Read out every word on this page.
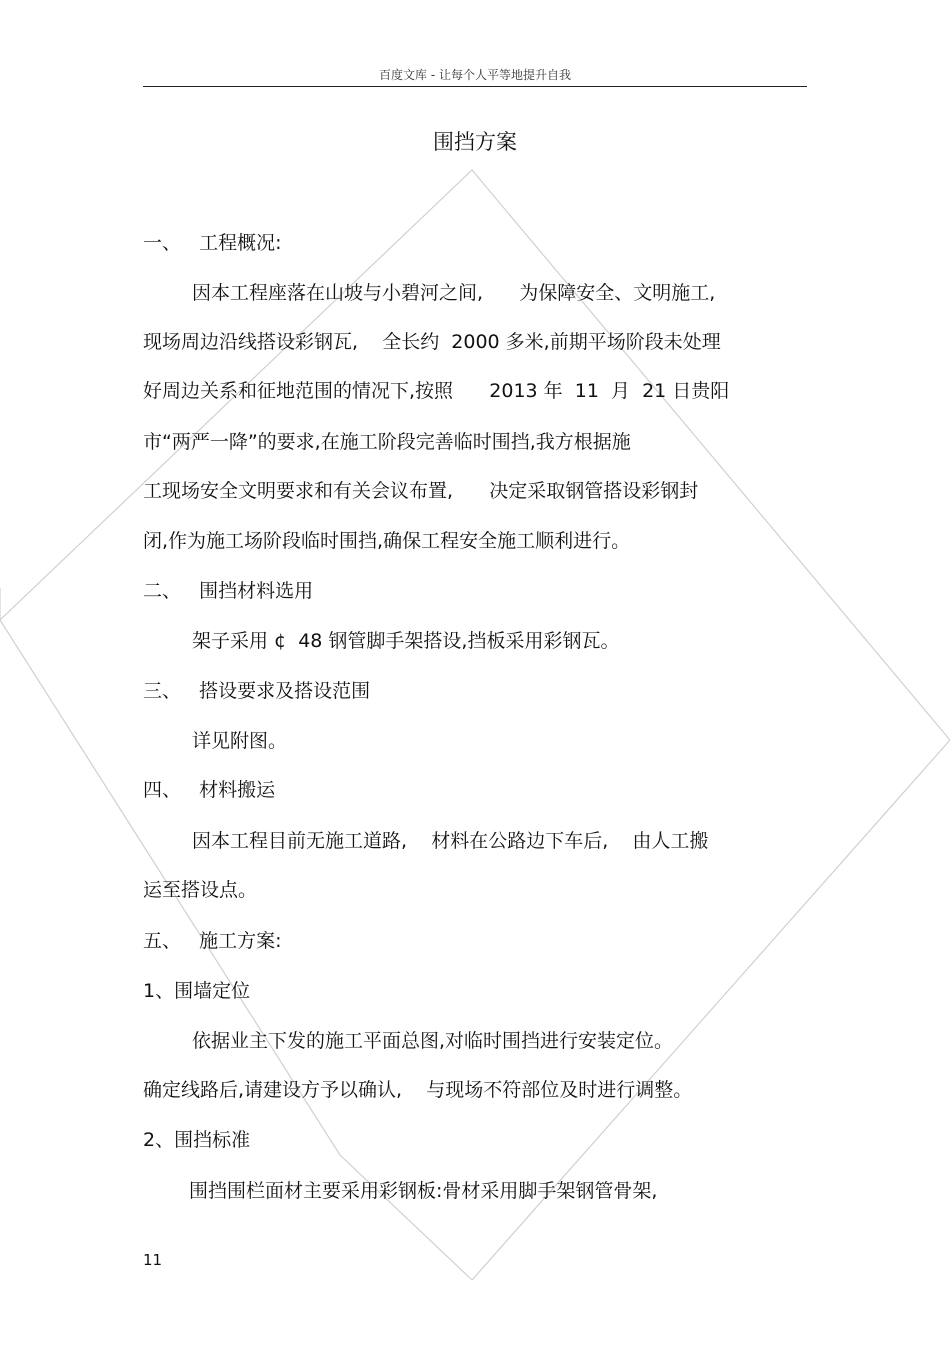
百度文库 - 让每个人平等地提升自我
围挡方案
一、   工程概况:
因本工程座落在山坡与小碧河之间,      为保障安全、文明施工,
现场周边沿线搭设彩钢瓦,    全长约  2000 多米,前期平场阶段未处理
好周边关系和征地范围的情况下,按照      2013 年  11  月  21 日贵阳
市“两严一降”的要求,在施工阶段完善临时围挡,我方根据施
工现场安全文明要求和有关会议布置,      决定采取钢管搭设彩钢封
闭,作为施工场阶段临时围挡,确保工程安全施工顺利进行。
二、   围挡材料选用
架子采用 ¢  48 钢管脚手架搭设,挡板采用彩钢瓦。
三、   搭设要求及搭设范围
详见附图。
四、   材料搬运
因本工程目前无施工道路,    材料在公路边下车后,    由人工搬
运至搭设点。
五、   施工方案:
1、围墙定位
依据业主下发的施工平面总图,对临时围挡进行安装定位。
确定线路后,请建设方予以确认,    与现场不符部位及时进行调整。
2、围挡标准
围挡围栏面材主要采用彩钢板:骨材采用脚手架钢管骨架,
11
